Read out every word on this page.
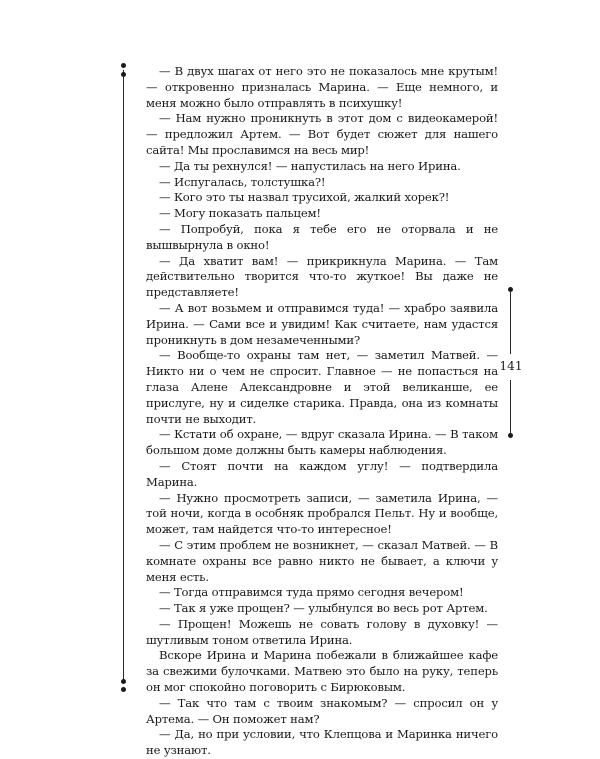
141

— В двух шагах от него это не показалось мне крутым! — откровенно призналась Марина. — Еще немного, и меня можно было отправлять в психушку!

— Нам нужно проникнуть в этот дом с видеокамерой! — предложил Артем. — Вот будет сюжет для нашего сайта! Мы прославимся на весь мир!

— Да ты рехнулся! — напустилась на него Ирина.

— Испугалась, толстушка?!

— Кого это ты назвал трусихой, жалкий хорек?!

— Могу показать пальцем!

— Попробуй, пока я тебе его не оторвала и не вышвырнула в окно!

— Да хватит вам! — прикрикнула Марина. — Там действительно творится что-то жуткое! Вы даже не представляете!

— А вот возьмем и отправимся туда! — храбро заявила Ирина. — Сами все и увидим! Как считаете, нам удастся проникнуть в дом незамеченными?

— Вообще-то охраны там нет, — заметил Матвей. — Никто ни о чем не спросит. Главное — не попасться на глаза Алене Александровне и этой великанше, ее прислуге, ну и сиделке старика. Правда, она из комнаты почти не выходит.

— Кстати об охране, — вдруг сказала Ирина. — В таком большом доме должны быть камеры наблюдения.

— Стоят почти на каждом углу! — подтвердила Марина.

— Нужно просмотреть записи, — заметила Ирина, — той ночи, когда в особняк пробрался Пельт. Ну и вообще, может, там найдется что-то интересное!

— С этим проблем не возникнет, — сказал Матвей. — В комнате охраны все равно никто не бывает, а ключи у меня есть.

— Тогда отправимся туда прямо сегодня вечером!

— Так я уже прощен? — улыбнулся во весь рот Артем.

— Прощен! Можешь не совать голову в духовку! — шутливым тоном ответила Ирина.

Вскоре Ирина и Марина побежали в ближайшее кафе за свежими булочками. Матвею это было на руку, теперь он мог спокойно поговорить с Бирюковым.

— Так что там с твоим знакомым? — спросил он у Артема. — Он поможет нам?

— Да, но при условии, что Клепцова и Маринка ничего не узнают.
